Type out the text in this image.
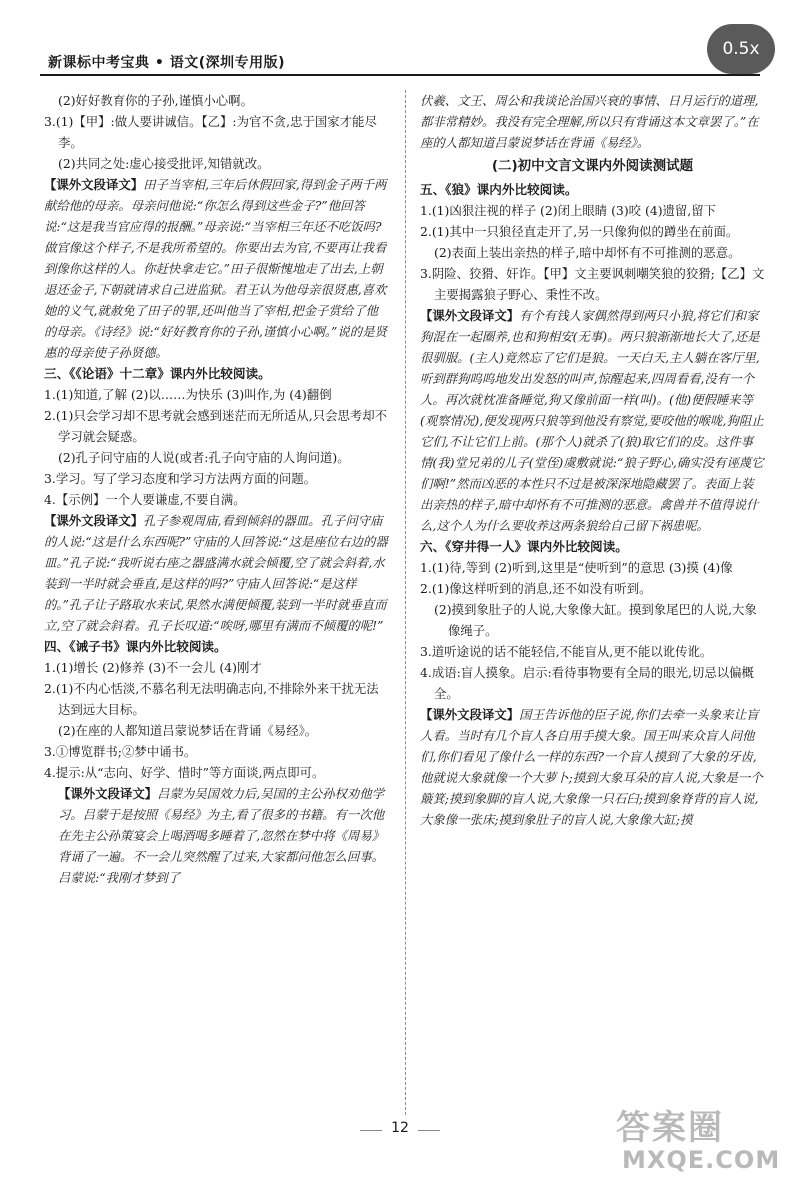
新课标中考宝典 • 语文(深圳专用版)
0.5x

(2)好好教育你的子孙,谨慎小心啊。

3.(1)【甲】:做人要讲诚信。【乙】:为官不贪,忠于国家才能尽李。

(2)共同之处:虚心接受批评,知错就改。

【课外文段译文】田子当宰相,三年后休假回家,得到金子两千两献给他的母亲。母亲问他说:“你怎么得到这些金子?”他回答说:“这是我当官应得的报酬。”母亲说:“当宰相三年还不吃饭吗?做官像这个样子,不是我所希望的。你要出去为官,不要再让我看到像你这样的人。你赶快拿走它。”田子很惭愧地走了出去,上朝退还金子,下朝就请求自己进监狱。君王认为他母亲很贤惠,喜欢她的义气,就赦免了田子的罪,还叫他当了宰相,把金子赏给了他的母亲。《诗经》说:“好好教育你的子孙,谨慎小心啊。”说的是贤惠的母亲使子孙贤德。

三、《《论语》十二章》课内外比较阅读。

1.(1)知道,了解 (2)以……为快乐 (3)叫作,为 (4)翻倒

2.(1)只会学习却不思考就会感到迷茫而无所适从,只会思考却不学习就会疑惑。

(2)孔子问守庙的人说(或者:孔子向守庙的人询问道)。

3.学习。写了学习态度和学习方法两方面的问题。

4.【示例】一个人要谦虚,不要自满。

【课外文段译文】孔子参观周庙,看到倾斜的器皿。孔子问守庙的人说:“这是什么东西呢?”守庙的人回答说:“这是座位右边的器皿。”孔子说:“我听说右座之器盛满水就会倾覆,空了就会斜着,水装到一半时就会垂直,是这样的吗?”守庙人回答说:“是这样的。”孔子让子路取水来试,果然水满便倾覆,装到一半时就垂直而立,空了就会斜着。孔子长叹道:“唉呀,哪里有满而不倾覆的呢!”

四、《诫子书》课内外比较阅读。

1.(1)增长 (2)修养 (3)不一会儿 (4)刚才

2.(1)不内心恬淡,不慕名利无法明确志向,不排除外来干扰无法达到远大目标。

(2)在座的人都知道吕蒙说梦话在背诵《易经》。

3.①博览群书;②梦中诵书。

4.提示:从“志向、好学、惜时”等方面谈,两点即可。

【课外文段译文】吕蒙为吴国效力后,吴国的主公孙权劝他学习。吕蒙于是按照《易经》为主,看了很多的书籍。有一次他在先主公孙策宴会上喝酒喝多睡着了,忽然在梦中将《周易》背诵了一遍。不一会儿突然醒了过来,大家都问他怎么回事。吕蒙说:“我刚才梦到了

伏羲、文王、周公和我谈论治国兴衰的事情、日月运行的道理,都非常精妙。我没有完全理解,所以只有背诵这本文章罢了。”在座的人都知道吕蒙说梦话在背诵《易经》。

(二)初中文言文课内外阅读测试题

五、《狼》课内外比较阅读。

1.(1)凶狠注视的样子 (2)闭上眼睛 (3)咬 (4)遗留,留下

2.(1)其中一只狼径直走开了,另一只像狗似的蹲坐在前面。

(2)表面上装出亲热的样子,暗中却怀有不可推测的恶意。

3.阴险、狡猾、奸诈。【甲】文主要讽刺嘲笑狼的狡猾;【乙】文主要揭露狼子野心、秉性不改。

【课外文段译文】有个有钱人家偶然得到两只小狼,将它们和家狗混在一起圈养,也和狗相安(无事)。两只狼渐渐地长大了,还是很驯服。(主人)竟然忘了它们是狼。一天白天,主人躺在客厅里,听到群狗呜呜地发出发怒的叫声,惊醒起来,四周看看,没有一个人。再次就枕准备睡觉,狗又像前面一样(叫)。(他)便假睡来等(观察情况),便发现两只狼等到他没有察觉,要咬他的喉咙,狗阻止它们,不让它们上前。(那个人)就杀了(狼)取它们的皮。这件事情(我)堂兄弟的儿子(堂侄)虞敷就说:“狼子野心,确实没有诬蔑它们啊!”然而凶恶的本性只不过是被深深地隐藏罢了。表面上装出亲热的样子,暗中却怀有不可推测的恶意。禽兽并不值得说什么,这个人为什么要收养这两条狼给自己留下祸患呢。

六、《穿井得一人》课内外比较阅读。

1.(1)待,等到 (2)听到,这里是“使听到”的意思 (3)摸 (4)像

2.(1)像这样听到的消息,还不如没有听到。

(2)摸到象肚子的人说,大象像大缸。摸到象尾巴的人说,大象像绳子。

3.道听途说的话不能轻信,不能盲从,更不能以讹传讹。

4.成语:盲人摸象。启示:看待事物要有全局的眼光,切忌以偏概全。

【课外文段译文】国王告诉他的臣子说,你们去牵一头象来让盲人看。当时有几个盲人各自用手摸大象。国王叫来众盲人问他们,你们看见了像什么一样的东西?一个盲人摸到了大象的牙齿,他就说大象就像一个大萝卜;摸到大象耳朵的盲人说,大象是一个簸箕;摸到象脚的盲人说,大象像一只石臼;摸到象脊背的盲人说,大象像一张床;摸到象肚子的盲人说,大象像大缸;摸

12	答案圈
MXQE.COM
